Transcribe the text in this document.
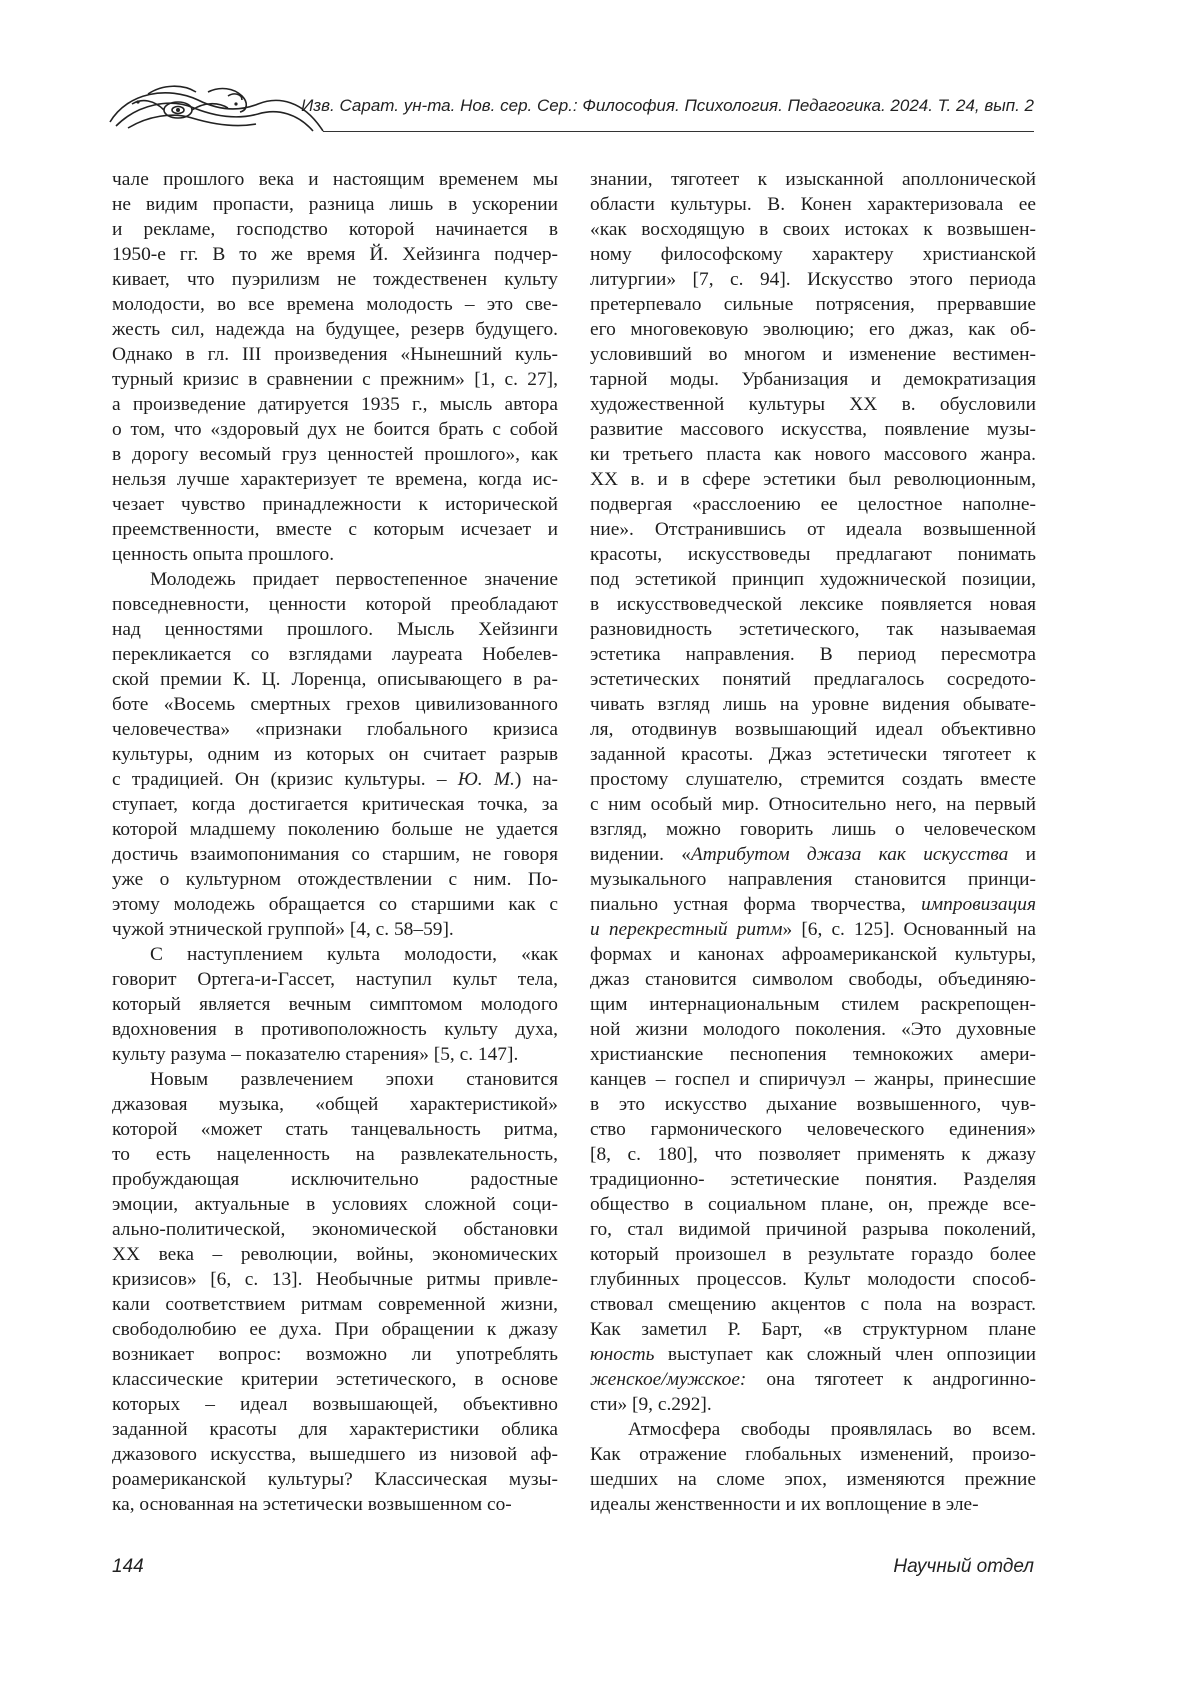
Изв. Сарат. ун-та. Нов. сер. Сер.: Философия. Психология. Педагогика. 2024. Т. 24, вып. 2

чале прошлого века и настоящим временем мы
не видим пропасти, разница лишь в ускорении
и рекламе, господство которой начинается в
1950-е гг. В то же время Й. Хейзинга подчер-
кивает, что пуэрилизм не тождественен культу
молодости, во все времена молодость – это све-
жесть сил, надежда на будущее, резерв будущего.
Однако в гл. III произведения «Нынешний куль-
турный кризис в сравнении с прежним» [1, с. 27],
а произведение датируется 1935 г., мысль автора
о том, что «здоровый дух не боится брать с собой
в дорогу весомый груз ценностей прошлого», как
нельзя лучше характеризует те времена, когда ис-
чезает чувство принадлежности к исторической
преемственности, вместе с которым исчезает и
ценность опыта прошлого.

Молодежь придает первостепенное значение
повседневности, ценности которой преобладают
над ценностями прошлого. Мысль Хейзинги
перекликается со взглядами лауреата Нобелев-
ской премии К. Ц. Лоренца, описывающего в ра-
боте «Восемь смертных грехов цивилизованного
человечества» «признаки глобального кризиса
культуры, одним из которых он считает разрыв
с традицией. Он (кризис культуры. – Ю. М.) на-
ступает, когда достигается критическая точка, за
которой младшему поколению больше не удается
достичь взаимопонимания со старшим, не говоря
уже о культурном отождествлении с ним. По-
этому молодежь обращается со старшими как с
чужой этнической группой» [4, с. 58–59].

С наступлением культа молодости, «как
говорит Ортега-и-Гассет, наступил культ тела,
который является вечным симптомом молодого
вдохновения в противоположность культу духа,
культу разума – показателю старения» [5, с. 147].

Новым развлечением эпохи становится
джазовая музыка, «общей характеристикой»
которой «может стать танцевальность ритма,
то есть нацеленность на развлекательность,
пробуждающая исключительно радостные
эмоции, актуальные в условиях сложной соци-
ально-политической, экономической обстановки
XX века – революции, войны, экономических
кризисов» [6, с. 13]. Необычные ритмы привле-
кали соответствием ритмам современной жизни,
свободолюбию ее духа. При обращении к джазу
возникает вопрос: возможно ли употреблять
классические критерии эстетического, в основе
которых – идеал возвышающей, объективно
заданной красоты для характеристики облика
джазового искусства, вышедшего из низовой аф-
роамериканской культуры? Классическая музы-
ка, основанная на эстетически возвышенном со-

знании, тяготеет к изысканной аполлонической
области культуры. В. Конен характеризовала ее
«как восходящую в своих истоках к возвышен-
ному философскому характеру христианской
литургии» [7, с. 94]. Искусство этого периода
претерпевало сильные потрясения, прервавшие
его многовековую эволюцию; его джаз, как об-
условивший во многом и изменение вестимен-
тарной моды. Урбанизация и демократизация
художественной культуры XX в. обусловили
развитие массового искусства, появление музы-
ки третьего пласта как нового массового жанра.
XX в. и в сфере эстетики был революционным,
подвергая «расслоению ее целостное наполне-
ние». Отстранившись от идеала возвышенной
красоты, искусствоведы предлагают понимать
под эстетикой принцип художнической позиции,
в искусствоведческой лексике появляется новая
разновидность эстетического, так называемая
эстетика направления. В период пересмотра
эстетических понятий предлагалось сосредото-
чивать взгляд лишь на уровне видения обывате-
ля, отодвинув возвышающий идеал объективно
заданной красоты. Джаз эстетически тяготеет к
простому слушателю, стремится создать вместе
с ним особый мир. Относительно него, на первый
взгляд, можно говорить лишь о человеческом
видении. «Атрибутом джаза как искусства и
музыкального направления становится принци-
пиально устная форма творчества, импровизация
и перекрестный ритм» [6, с. 125]. Основанный на
формах и канонах афроамериканской культуры,
джаз становится символом свободы, объединяю-
щим интернациональным стилем раскрепощен-
ной жизни молодого поколения. «Это духовные
христианские песнопения темнокожих амери-
канцев – госпел и спиричуэл – жанры, принесшие
в это искусство дыхание возвышенного, чув-
ство гармонического человеческого единения»
[8, с. 180], что позволяет применять к джазу
традиционно- эстетические понятия. Разделяя
общество в социальном плане, он, прежде все-
го, стал видимой причиной разрыва поколений,
который произошел в результате гораздо более
глубинных процессов. Культ молодости способ-
ствовал смещению акцентов с пола на возраст.
Как заметил Р. Барт, «в структурном плане
юность выступает как сложный член оппозиции
женское/мужское: она тяготеет к андрогинно-
сти» [9, с.292].

Атмосфера свободы проявлялась во всем.
Как отражение глобальных изменений, произо-
шедших на сломе эпох, изменяются прежние
идеалы женственности и их воплощение в эле-

144	Научный отдел
